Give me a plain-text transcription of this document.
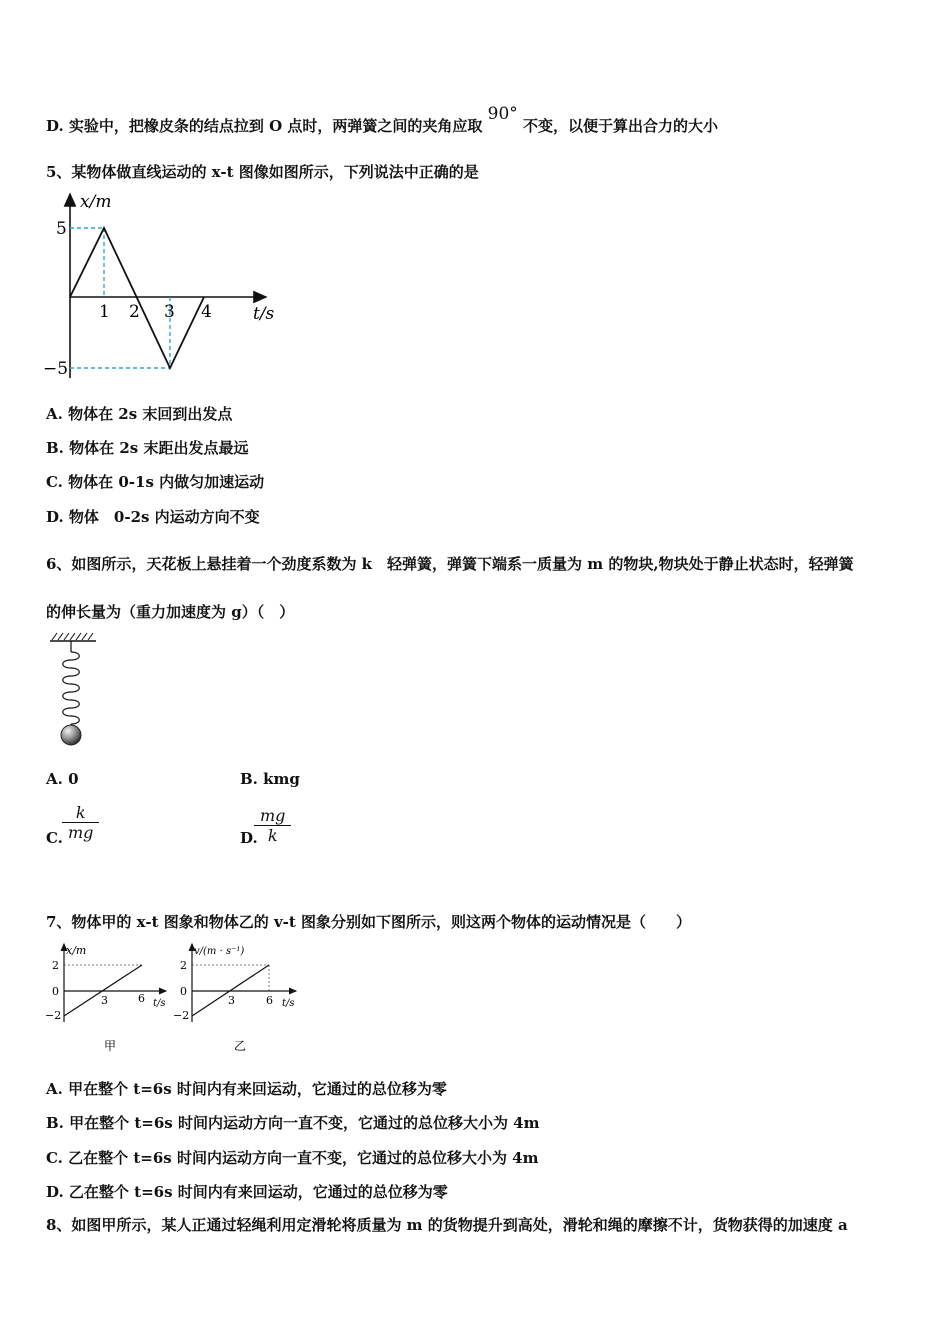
D. 实验中，把橡皮条的结点拉到 O 点时，两弹簧之间的夹角应取 90° 不变，以便于算出合力的大小
5、某物体做直线运动的 x-t 图像如图所示，下列说法中正确的是
x/m
t/s
5
−5
1 2 3 4
A. 物体在 2s 末回到出发点
B. 物体在 2s 末距出发点最远
C. 物体在 0-1s 内做匀加速运动
D. 物体　0-2s 内运动方向不变
6、如图所示，天花板上悬挂着一个劲度系数为 k　轻弹簧，弹簧下端系一质量为 m 的物块,物块处于静止状态时，轻弹簧
的伸长量为（重力加速度为 g）（　）
A. 0	B. kmg
C. $\frac{k}{mg}$	D.
$\frac{mg}{k}$
7、物体甲的 x-t 图象和物体乙的 v-t 图象分别如下图所示，则这两个物体的运动情况是（　　）
x/m
2
0
−2
3	6 t/s
甲
v/(m · s⁻¹)
2
0
−2
3	6 t/s
乙
A. 甲在整个 t=6s 时间内有来回运动，它通过的总位移为零
B. 甲在整个 t=6s 时间内运动方向一直不变，它通过的总位移大小为 4m
C. 乙在整个 t=6s 时间内运动方向一直不变，它通过的总位移大小为 4m
D. 乙在整个 t=6s 时间内有来回运动，它通过的总位移为零
8、如图甲所示，某人正通过轻绳利用定滑轮将质量为 m 的货物提升到高处，滑轮和绳的摩擦不计，货物获得的加速度 a
